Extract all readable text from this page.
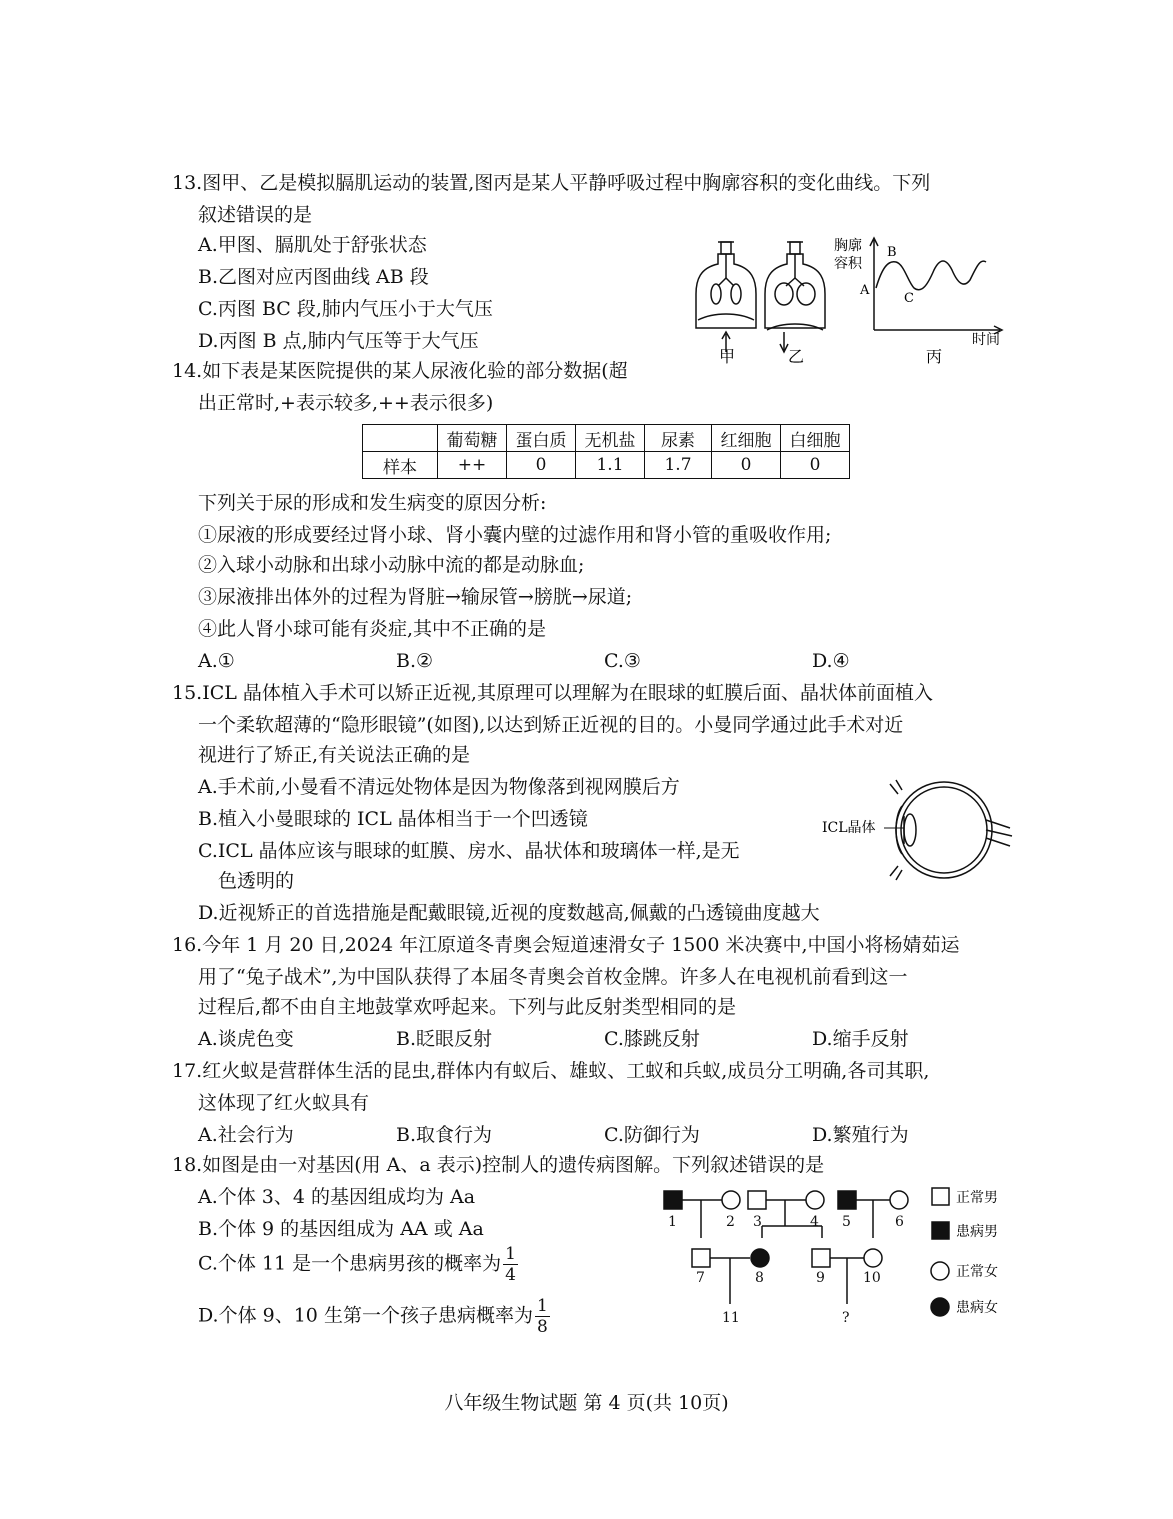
13.图甲、乙是模拟膈肌运动的装置,图丙是某人平静呼吸过程中胸廓容积的变化曲线。下列
叙述错误的是
A.甲图、膈肌处于舒张状态
B.乙图对应丙图曲线 AB 段
C.丙图 BC 段,肺内气压小于大气压
D.丙图 B 点,肺内气压等于大气压
甲	乙
胸廓
容积
A
B
C
时间
丙
14.如下表是某医院提供的某人尿液化验的部分数据(超
出正常时,+表示较多,++表示很多)
	葡萄糖	蛋白质	无机盐	尿素	红细胞	白细胞
样本	++	0	1.1	1.7	0	0
下列关于尿的形成和发生病变的原因分析:
①尿液的形成要经过肾小球、肾小囊内壁的过滤作用和肾小管的重吸收作用;
②入球小动脉和出球小动脉中流的都是动脉血;
③尿液排出体外的过程为肾脏→输尿管→膀胱→尿道;
④此人肾小球可能有炎症,其中不正确的是
A.①	B.②	C.③	D.④
15.ICL 晶体植入手术可以矫正近视,其原理可以理解为在眼球的虹膜后面、晶状体前面植入
一个柔软超薄的“隐形眼镜”(如图),以达到矫正近视的目的。小曼同学通过此手术对近
视进行了矫正,有关说法正确的是
A.手术前,小曼看不清远处物体是因为物像落到视网膜后方
B.植入小曼眼球的 ICL 晶体相当于一个凹透镜
C.ICL 晶体应该与眼球的虹膜、房水、晶状体和玻璃体一样,是无
色透明的
D.近视矫正的首选措施是配戴眼镜,近视的度数越高,佩戴的凸透镜曲度越大
ICL晶体
16.今年 1 月 20 日,2024 年江原道冬青奥会短道速滑女子 1500 米决赛中,中国小将杨婧茹运
用了“兔子战术”,为中国队获得了本届冬青奥会首枚金牌。许多人在电视机前看到这一
过程后,都不由自主地鼓掌欢呼起来。下列与此反射类型相同的是
A.谈虎色变	B.眨眼反射	C.膝跳反射	D.缩手反射
17.红火蚁是营群体生活的昆虫,群体内有蚁后、雄蚁、工蚁和兵蚁,成员分工明确,各司其职,
这体现了红火蚁具有
A.社会行为	B.取食行为	C.防御行为	D.繁殖行为
18.如图是由一对基因(用 A、a 表示)控制人的遗传病图解。下列叙述错误的是
A.个体 3、4 的基因组成均为 Aa
B.个体 9 的基因组成为 AA 或 Aa
C.个体 11 是一个患病男孩的概率为 $\frac{1}{4}$
D.个体 9、10 生第一个孩子患病概率为 $\frac{1}{8}$
1	2 3	4 5	6
7	8	9	10
11	?
正常男
患病男
正常女
患病女
八年级生物试题 第 4 页(共 10页)
